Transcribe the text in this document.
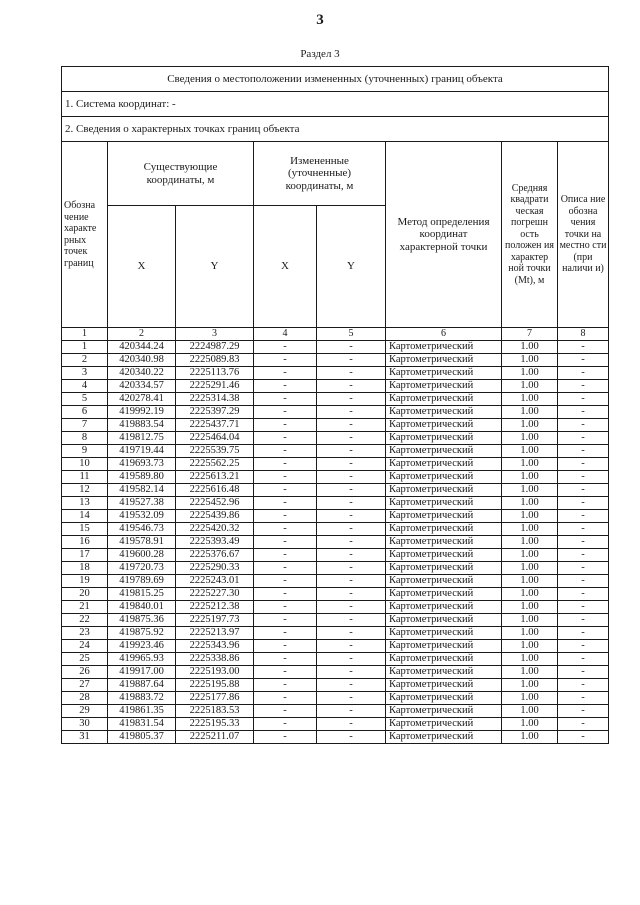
3
Раздел 3
Сведения о местоположении измененных (уточненных) границ объекта							
1. Система координат: -							
2. Сведения о характерных точках границ объекта							
Обозна чение характе рных точек границ	Существующие координаты, м		Измененные (уточненные) координаты, м		Метод определения координат характерной точки	Средняя квадрати ческая погрешн ость положен ия характер ной точки (Mt), м	Описа ние обозна чения точки на местно сти (при наличи и)
	X	Y	X	Y			
1	2	3	4	5	6	7	8
1	420344.24	2224987.29	-	-	Картометрический	1.00	-
2	420340.98	2225089.83	-	-	Картометрический	1.00	-
3	420340.22	2225113.76	-	-	Картометрический	1.00	-
4	420334.57	2225291.46	-	-	Картометрический	1.00	-
5	420278.41	2225314.38	-	-	Картометрический	1.00	-
6	419992.19	2225397.29	-	-	Картометрический	1.00	-
7	419883.54	2225437.71	-	-	Картометрический	1.00	-
8	419812.75	2225464.04	-	-	Картометрический	1.00	-
9	419719.44	2225539.75	-	-	Картометрический	1.00	-
10	419693.73	2225562.25	-	-	Картометрический	1.00	-
11	419589.80	2225613.21	-	-	Картометрический	1.00	-
12	419582.14	2225616.48	-	-	Картометрический	1.00	-
13	419527.38	2225452.96	-	-	Картометрический	1.00	-
14	419532.09	2225439.86	-	-	Картометрический	1.00	-
15	419546.73	2225420.32	-	-	Картометрический	1.00	-
16	419578.91	2225393.49	-	-	Картометрический	1.00	-
17	419600.28	2225376.67	-	-	Картометрический	1.00	-
18	419720.73	2225290.33	-	-	Картометрический	1.00	-
19	419789.69	2225243.01	-	-	Картометрический	1.00	-
20	419815.25	2225227.30	-	-	Картометрический	1.00	-
21	419840.01	2225212.38	-	-	Картометрический	1.00	-
22	419875.36	2225197.73	-	-	Картометрический	1.00	-
23	419875.92	2225213.97	-	-	Картометрический	1.00	-
24	419923.46	2225343.96	-	-	Картометрический	1.00	-
25	419965.93	2225338.86	-	-	Картометрический	1.00	-
26	419917.00	2225193.00	-	-	Картометрический	1.00	-
27	419887.64	2225195.88	-	-	Картометрический	1.00	-
28	419883.72	2225177.86	-	-	Картометрический	1.00	-
29	419861.35	2225183.53	-	-	Картометрический	1.00	-
30	419831.54	2225195.33	-	-	Картометрический	1.00	-
31	419805.37	2225211.07	-	-	Картометрический	1.00	-
